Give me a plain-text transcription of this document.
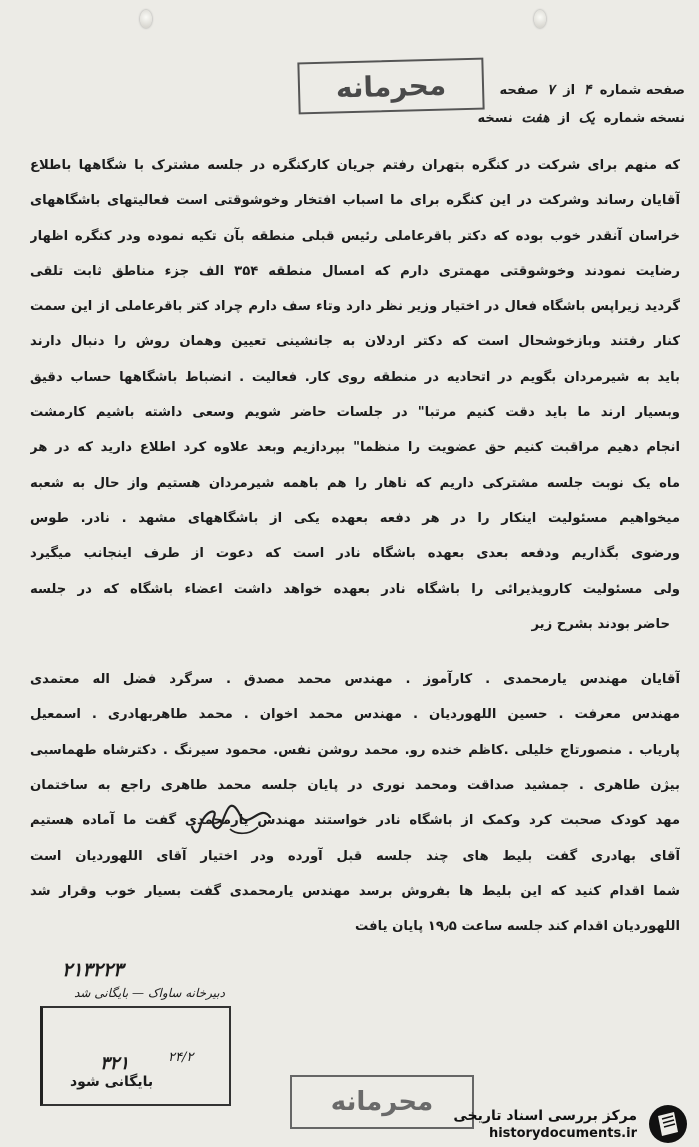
محرمانه	صفحه شماره ۴ از ۷ صفحه
نسخه شماره یک از هفت نسخه
که منهم برای شرکت در کنگره بتهران رفتم جریان کارکنگره در جلسه مشترک با شگاهها باطلاع
آقایان رساند وشرکت در این کنگره برای ما اسباب افتخار وخوشوقتی است فعالیتهای باشگاههای
خراسان آنقدر خوب بوده که دکتر باقرعاملی رئیس قبلی منطقه بآن تکیه نموده ودر کنگره اظهار
رضایت نمودند وخوشوقتی مهمتری دارم که امسال منطقه ۳۵۴ الف جزء مناطق ثابت تلقی
گردید زیراپس باشگاه فعال در اختیار وزیر نظر دارد وتاء سف دارم چراد کتر باقرعاملی از این سمت
کنار رفتند وبازخوشحال است که دکتر اردلان به جانشینی تعیین وهمان روش را دنبال دارند
باید به شیرمردان بگویم در اتحادیه در منطقه روی کار. فعالیت . انضباط باشگاهها حساب دقیق
وبسیار ارند ما باید دقت کنیم مرتبا" در جلسات حاضر شویم وسعی داشته باشیم کارمشت
انجام دهیم مراقبت کنیم حق عضویت را منظما" بپردازیم وبعد علاوه کرد اطلاع دارید که در هر
ماه یک نوبت جلسه مشترکی داریم که ناهار را هم باهمه شیرمردان هستیم واز حال به شعبه
میخواهیم مسئولیت اینکار را در هر دفعه بعهده یکی از باشگاههای مشهد . نادر. طوس
ورضوی بگذاریم ودفعه بعدی بعهده باشگاه نادر است که دعوت از طرف اینجانب میگیرد
ولی مسئولیت کارویذیرائی را باشگاه نادر بعهده خواهد داشت اعضاء باشگاه که در جلسه
حاضر بودند بشرح زیر
آقایان مهندس یارمحمدی . کارآموز . مهندس محمد مصدق . سرگرد فضل اله معتمدی
مهندس معرفت . حسین اللهوردیان . مهندس محمد اخوان . محمد طاهربهادری . اسمعیل
پاریاب . منصورتاج خلیلی .کاظم خنده رو. محمد روشن نفس. محمود سیرنگ . دکترشاه طهماسبی
بیژن طاهری . جمشید صداقت ومحمد نوری در پایان جلسه محمد طاهری راجع به ساختمان
مهد کودک صحبت کرد وکمک از باشگاه نادر خواستند مهندس یارمحمدی گفت ما آماده هستیم
آقای بهادری گفت بلیط های چند جلسه قبل آورده ودر اختیار آقای اللهوردیان است
شما اقدام کنید که این بلیط ها بفروش برسد مهندس یارمحمدی گفت بسیار خوب وقرار شد
اللهوردیان اقدام کند جلسه ساعت ۱۹٫۵ پایان یافت
۲۱۳۲۲۳
دبیرخانه ساواک — بایگانی شد
۲۴/۲
۳۲۱
بایگانی شود
محرمانه	مرکز بررسی اسناد تاریخی
historydocuments.ir
